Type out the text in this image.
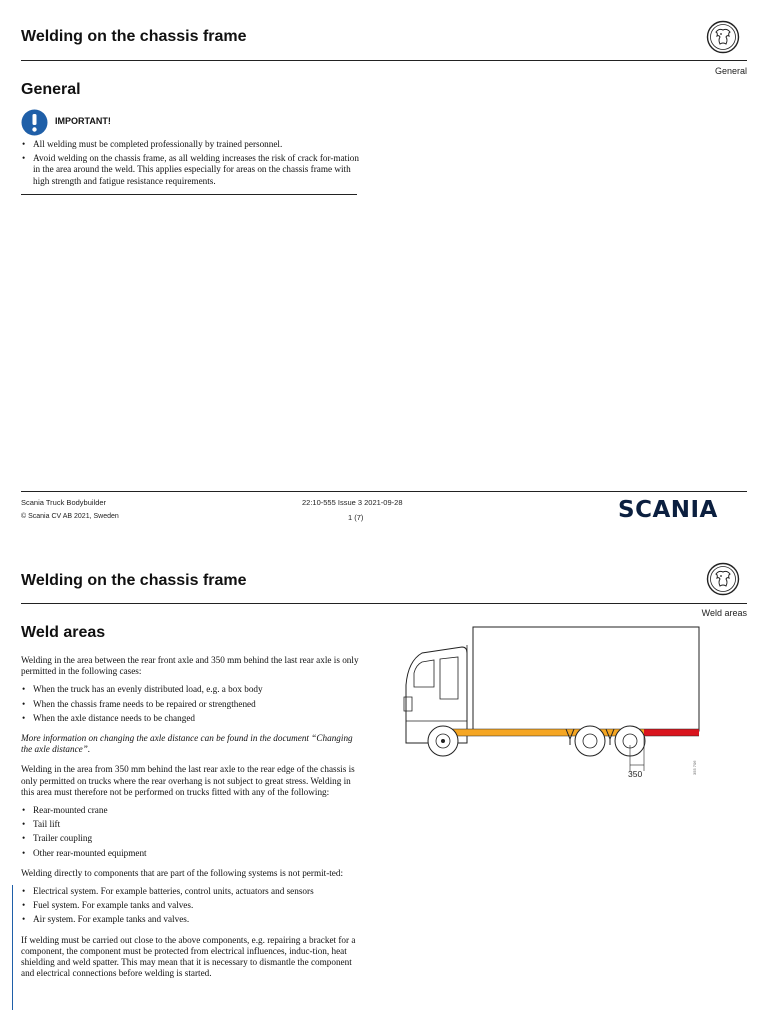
Welding on the chassis frame
General
General
IMPORTANT!
• All welding must be completed professionally by trained personnel.
• Avoid welding on the chassis frame, as all welding increases the risk of crack for-mation in the area around the weld. This applies especially for areas on the chassis frame with high strength and fatigue resistance requirements.
Scania Truck Bodybuilder
© Scania CV AB 2021, Sweden
22:10-555 Issue 3 2021-09-28
1 (7)	SCANIA
Welding on the chassis frame
Weld areas
Weld areas
Welding in the area between the rear front axle and 350 mm behind the last rear axle is only permitted in the following cases:
• When the truck has an evenly distributed load, e.g. a box body
• When the chassis frame needs to be repaired or strengthened
• When the axle distance needs to be changed
More information on changing the axle distance can be found in the document “Changing the axle distance”.
Welding in the area from 350 mm behind the last rear axle to the rear edge of the chassis is only permitted on trucks where the rear overhang is not subject to great stress. Welding in this area must therefore not be performed on trucks fitted with any of the following:
• Rear-mounted crane
• Tail lift
• Trailer coupling
• Other rear-mounted equipment
Welding directly to components that are part of the following systems is not permit-ted:
• Electrical system. For example batteries, control units, actuators and sensors
• Fuel system. For example tanks and valves.
• Air system. For example tanks and valves.
If welding must be carried out close to the above components, e.g. repairing a bracket for a component, the component must be protected from electrical influences, induc-tion, heat shielding and weld spatter. This may mean that it is necessary to dismantle the component and electrical connections before welding is started.
350	355 706
